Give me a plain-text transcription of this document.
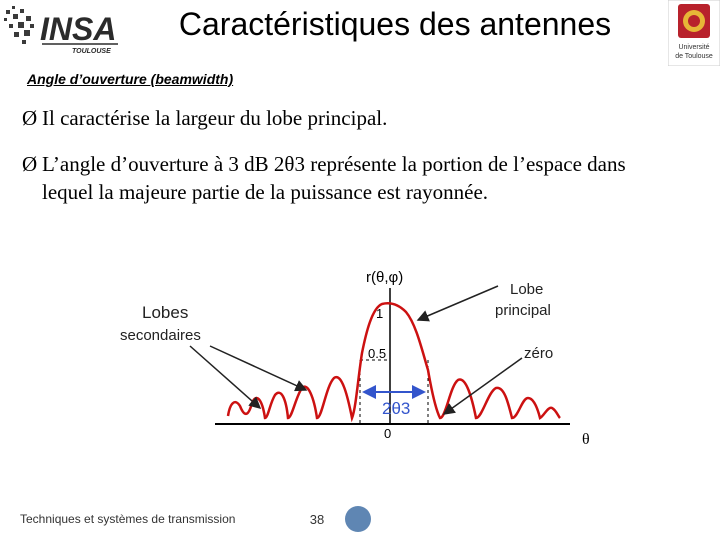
INSA
TOULOUSE
Caractéristiques des antennes
Université
de Toulouse
Angle d’ouverture (beamwidth)
Ø Il caractérise la largeur du lobe principal.
Ø L’angle d’ouverture à 3 dB 2θ3 représente la portion de l’espace dans
lequel la majeure partie de la puissance est rayonnée.
r(θ,φ)
1
0.5
0	θ
2θ3
Lobes
secondaires
Lobe
principal
zéro
Techniques et systèmes de transmission	38
